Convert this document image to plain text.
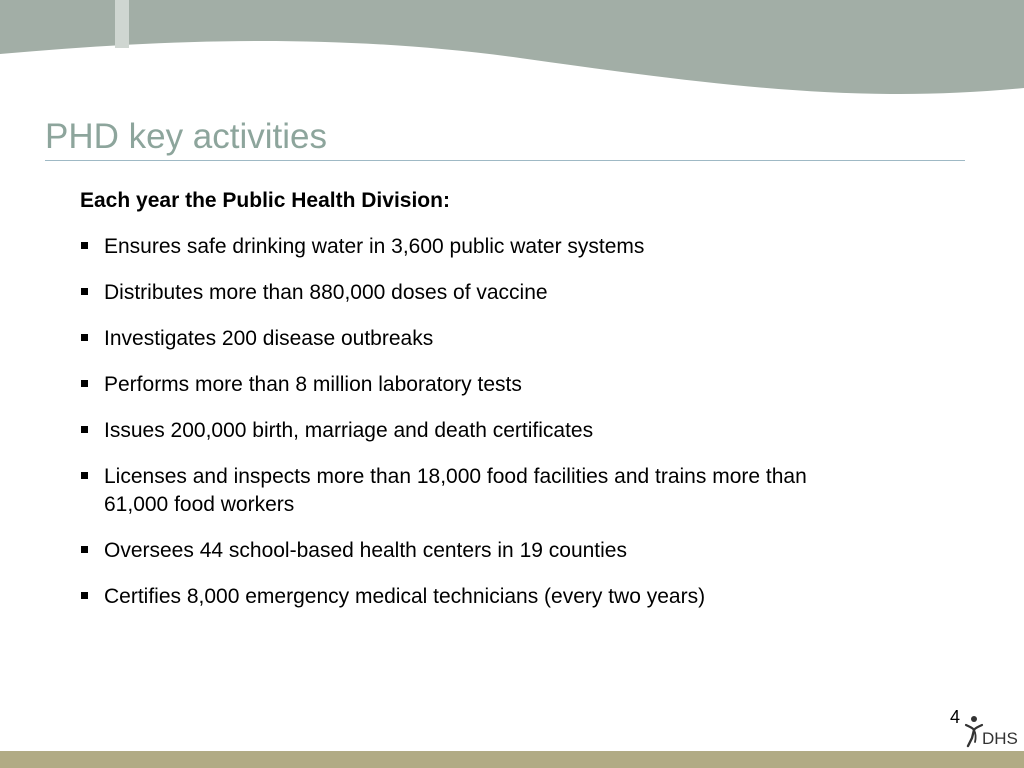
PHD key activities

Each year the Public Health Division:

Ensures safe drinking water in 3,600 public water systems
Distributes more than 880,000 doses of vaccine
Investigates 200 disease outbreaks
Performs more than 8 million laboratory tests
Issues 200,000 birth, marriage and death certificates
Licenses and inspects more than 18,000 food facilities and trains more than 61,000 food workers
Oversees 44 school-based health centers in 19 counties
Certifies 8,000 emergency medical technicians (every two years)
4
DHS
